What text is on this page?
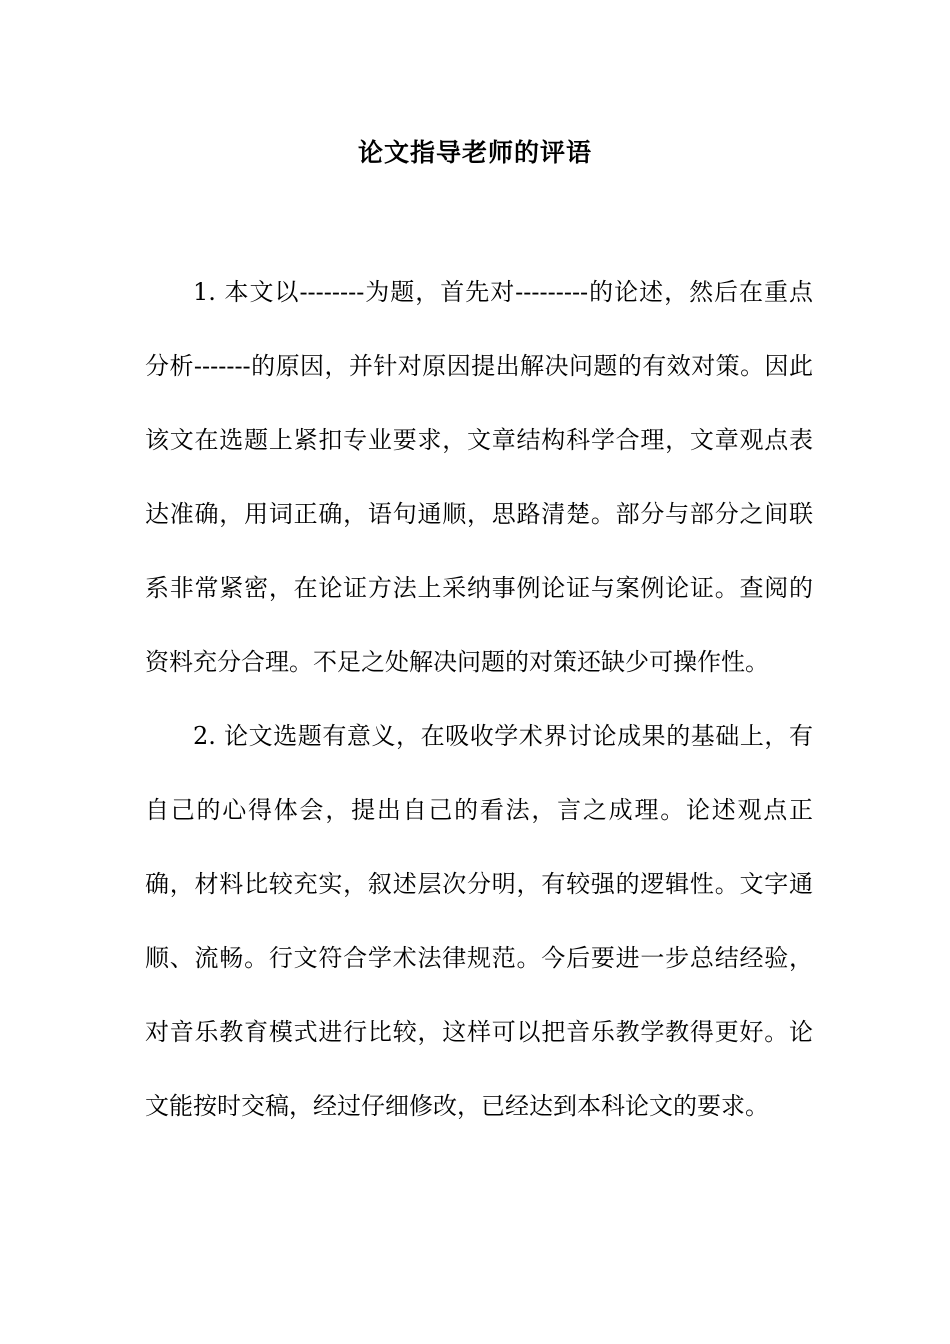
论文指导老师的评语

1. 本文以--------为题，首先对---------的论述，然后在重点分析-------的原因，并针对原因提出解决问题的有效对策。因此该文在选题上紧扣专业要求，文章结构科学合理，文章观点表达准确，用词正确，语句通顺，思路清楚。部分与部分之间联系非常紧密，在论证方法上采纳事例论证与案例论证。查阅的资料充分合理。不足之处解决问题的对策还缺少可操作性。

2. 论文选题有意义，在吸收学术界讨论成果的基础上，有自己的心得体会，提出自己的看法，言之成理。论述观点正确，材料比较充实，叙述层次分明，有较强的逻辑性。文字通顺、流畅。行文符合学术法律规范。今后要进一步总结经验，对音乐教育模式进行比较，这样可以把音乐教学教得更好。论文能按时交稿，经过仔细修改，已经达到本科论文的要求。
